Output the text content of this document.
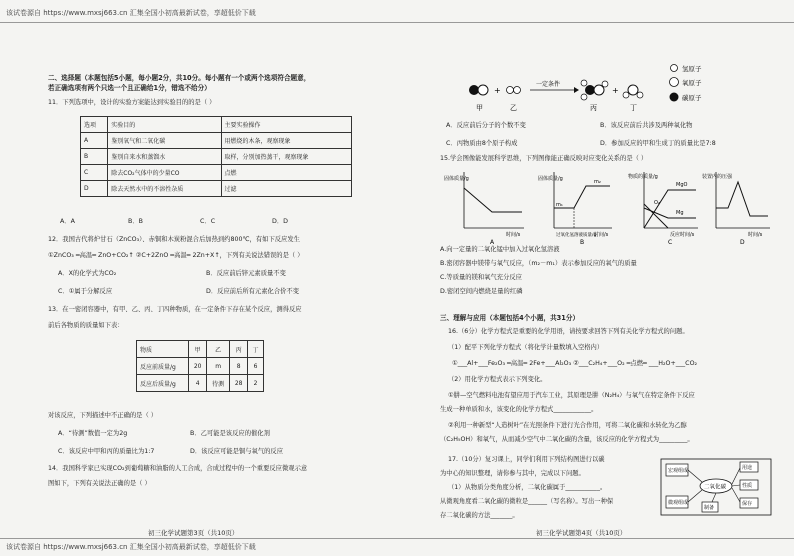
该试卷源自 https://www.mxsj663.cn 汇集全国小初高最新试卷，享超低价下载
二、选择题（本题包括5小题，每小题2分，共10分。每小题有一个或两个选项符合题意，
若正确选项有两个只选一个且正确给1分，错选不给分）
11．下列选项中，设计的实验方案能达到实验目的的是（ ）
选项	实验目的	主要实验操作
A	鉴别氧气和二氧化碳	用燃烧的木条，观察现象
B	鉴别自来水和蒸馏水	取样，分别加热蒸干，观察现象
C	除去CO₂气体中的少量CO	点燃
D	除去天然水中的不溶性杂质	过滤
A．A	B．B	C．C	D．D
12．我国古代将炉甘石（ZnCO₃）、赤铜和木炭粉混合后加热到约800℃，有如下反应发生
①ZnCO₃ ═高温═ ZnO+CO₂↑ ②C+2ZnO ═高温═ 2Zn+X↑，下列有关说法错误的是（ ）
A．X的化学式为CO₂	B．反应前后锌元素质量不变
C．①属于分解反应	D．反应前后所有元素化合价不变
13．在一密闭容器中，有甲、乙、丙、丁四种物质，在一定条件下存在某个反应，测得反应
前后各物质的质量如下表：
物质	甲	乙	丙	丁
反应前质量/g	20	m	8	6
反应后质量/g	4	待测	28	2
对该反应，下列描述中不正确的是（ ）
A．“待测”数值一定为2g	B．乙可能是该反应的催化剂
C．该反应中甲和丙的质量比为1:7	D．该反应可能是铜与氧气的反应
14．我国科学家已实现CO₂到葡萄糖和油脂的人工合成，合成过程中的一个重要反应微观示意
图如下，下列有关说法正确的是（ ）
初三化学试题第3页（共10页）
甲
+
乙
一定条件
丙
+
丁
氢原子
氧原子
碳原子
A．反应前后分子的个数不变	B．该反应前后共涉及两种氧化物
C．丙物质由8个原子构成	D．参加反应的甲和生成丁的质量比是7:8
15.学会图像能发展科学思维，下列图像能正确反映对应变化关系的是（ ）
固体质量/g
时间/s
A
m₁
m₂
固体质量/g
时间/s
过氧化氢溶液质量/g
B
MgO
Mg
O₂
物质的质量/g
反应时间/s
C
装置内的压强
时间/s
D
A.向一定量的二氧化锰中加入过氧化氢溶液
B.密闭容器中镁带与氧气反应，（m₂－m₁）表示参加反应的氧气的质量
C.等质量的镁和氧气充分反应
D.密闭空间内燃烧足量的红磷
三、理解与应用（本题包括4个小题，共31分）
16.（6分）化学方程式是重要的化学用语，请按要求回答下列有关化学方程式的问题。
（1）配平下列化学方程式（将化学计量数填入空格内）
①___Al+___Fe₂O₃ ═高温═ 2Fe+___Al₂O₃ ②___C₂H₄+___O₂ ═点燃═ ___H₂O+___CO₂
（2）用化学方程式表示下列变化。
①肼—空气燃料电池有望应用于汽车工业，其原理是肼（N₂H₄）与氧气在特定条件下反应
生成一种单质和水，该变化的化学方程式____________。
②利用一种新型“人造树叶”在光照条件下进行光合作用，可将二氧化碳和水转化为乙醇
（C₂H₅OH）和氧气，从而减少空气中二氧化碳的含量，该反应的化学方程式为_________。
17.（10分）复习课上，同学们利用下列结构图进行以碳
为中心的知识整理，请你参与其中，完成以下问题。
（1）从物质分类角度分析，二氧化碳属于___________。
从微观角度看二氧化碳的微粒是______（写名称）。写出一种保
存二氧化碳的方法_______。
二氧化碳
宏观组成
微观组成
制备
用途
性质
保存
初三化学试题第4页（共10页）
该试卷源自 https://www.mxsj663.cn 汇集全国小初高最新试卷，享超低价下载
